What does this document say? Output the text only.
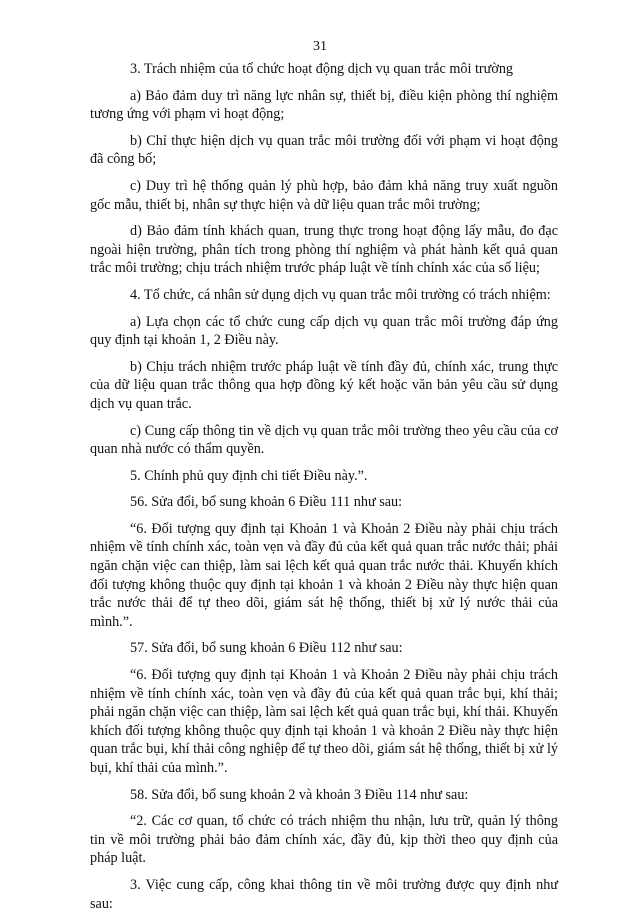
31

3. Trách nhiệm của tổ chức hoạt động dịch vụ quan trắc môi trường

a) Bảo đảm duy trì năng lực nhân sự, thiết bị, điều kiện phòng thí nghiệm tương ứng với phạm vi hoạt động;

b) Chỉ thực hiện dịch vụ quan trắc môi trường đối với phạm vi hoạt động đã công bố;

c) Duy trì hệ thống quản lý phù hợp, bảo đảm khả năng truy xuất nguồn gốc mẫu, thiết bị, nhân sự thực hiện và dữ liệu quan trắc môi trường;

d) Bảo đảm tính khách quan, trung thực trong hoạt động lấy mẫu, đo đạc ngoài hiện trường, phân tích trong phòng thí nghiệm và phát hành kết quả quan trắc môi trường; chịu trách nhiệm trước pháp luật về tính chính xác của số liệu;

4. Tổ chức, cá nhân sử dụng dịch vụ quan trắc môi trường có trách nhiệm:

a) Lựa chọn các tổ chức cung cấp dịch vụ quan trắc môi trường đáp ứng quy định tại khoản 1, 2 Điều này.

b) Chịu trách nhiệm trước pháp luật về tính đầy đủ, chính xác, trung thực của dữ liệu quan trắc thông qua hợp đồng ký kết hoặc văn bản yêu cầu sử dụng dịch vụ quan trắc.

c) Cung cấp thông tin về dịch vụ quan trắc môi trường theo yêu cầu của cơ quan nhà nước có thẩm quyền.

5. Chính phủ quy định chi tiết Điều này.”.

56. Sửa đổi, bổ sung khoản 6 Điều 111 như sau:

“6. Đối tượng quy định tại Khoản 1 và Khoản 2 Điều này phải chịu trách nhiệm về tính chính xác, toàn vẹn và đầy đủ của kết quả quan trắc nước thải; phải ngăn chặn việc can thiệp, làm sai lệch kết quả quan trắc nước thải. Khuyến khích đối tượng không thuộc quy định tại khoản 1 và khoản 2 Điều này thực hiện quan trắc nước thải để tự theo dõi, giám sát hệ thống, thiết bị xử lý nước thải của mình.”.

57. Sửa đổi, bổ sung khoản 6 Điều 112 như sau:

“6. Đối tượng quy định tại Khoản 1 và Khoản 2 Điều này phải chịu trách nhiệm về tính chính xác, toàn vẹn và đầy đủ của kết quả quan trắc bụi, khí thải; phải ngăn chặn việc can thiệp, làm sai lệch kết quả quan trắc bụi, khí thải. Khuyến khích đối tượng không thuộc quy định tại khoản 1 và khoản 2 Điều này thực hiện quan trắc bụi, khí thải công nghiệp để tự theo dõi, giám sát hệ thống, thiết bị xử lý bụi, khí thải của mình.”.

58. Sửa đổi, bổ sung khoản 2 và khoản 3 Điều 114 như sau:

“2. Các cơ quan, tổ chức có trách nhiệm thu nhận, lưu trữ, quản lý thông tin về môi trường phải bảo đảm chính xác, đầy đủ, kịp thời theo quy định của pháp luật.

3. Việc cung cấp, công khai thông tin về môi trường được quy định như sau:
